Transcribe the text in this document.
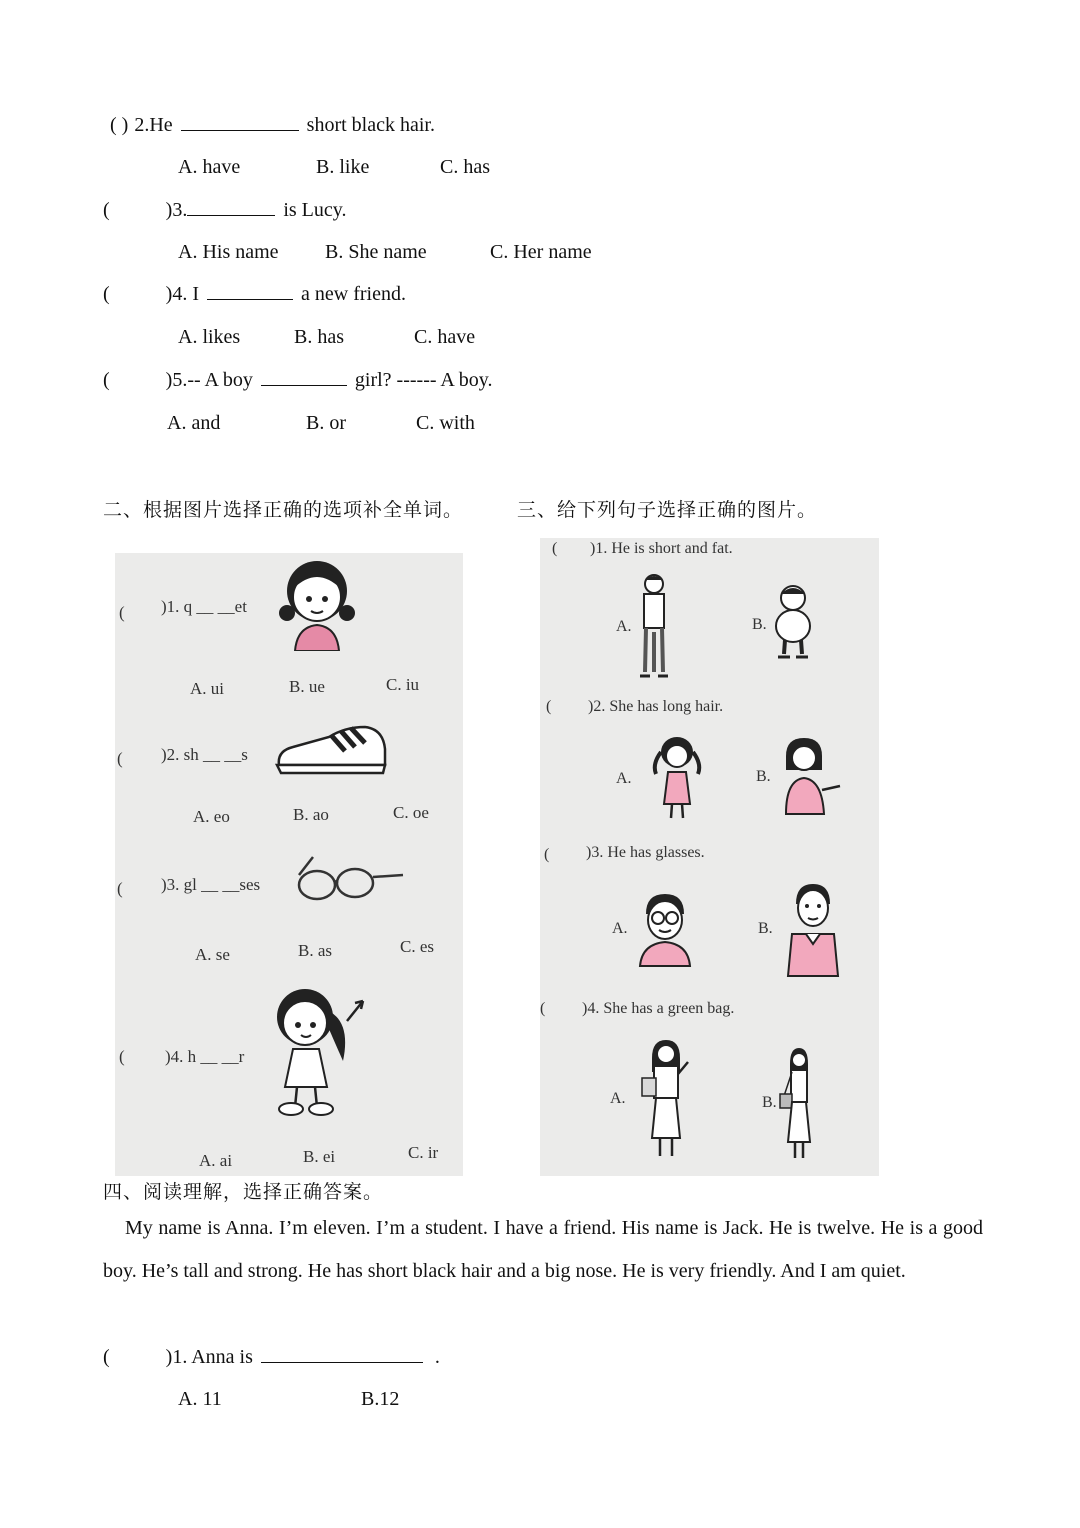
( ) 2.He	short black hair.
A. have	B. like	C. has
(	)3.	is Lucy.
A. His name B. She name	C. Her name
(	)4. I	a new friend.
A. likes	B. has	C. have
(	)5.-- A boy	girl? ------ A boy.
A. and	B. or	C. with
二、根据图片选择正确的选项补全单词。	三、给下列句子选择正确的图片。
( )1. q __ __et
A. ui	B. ue	C. iu
( )2. sh __ __s
A. eo	B. ao	C. oe
( )3. gl __ __ses
A. se	B. as	C. es
( )4. h __ __r
A. ai	B. ei	C. ir
( )1. He is short and fat.
A.	B.
( )2. She has long hair.
A.	B.
( )3. He has glasses.
A.	B.
( )4. She has a green bag.
A.	B.
四、阅读理解，选择正确答案。
My name is Anna. I’m eleven. I’m a student. I have a friend. His name is Jack. He is twelve. He is a good boy. He’s tall and strong. He has short black hair and a big nose. He is very friendly. And I am quiet.
(	)1. Anna is	.
A. 11	B.12
